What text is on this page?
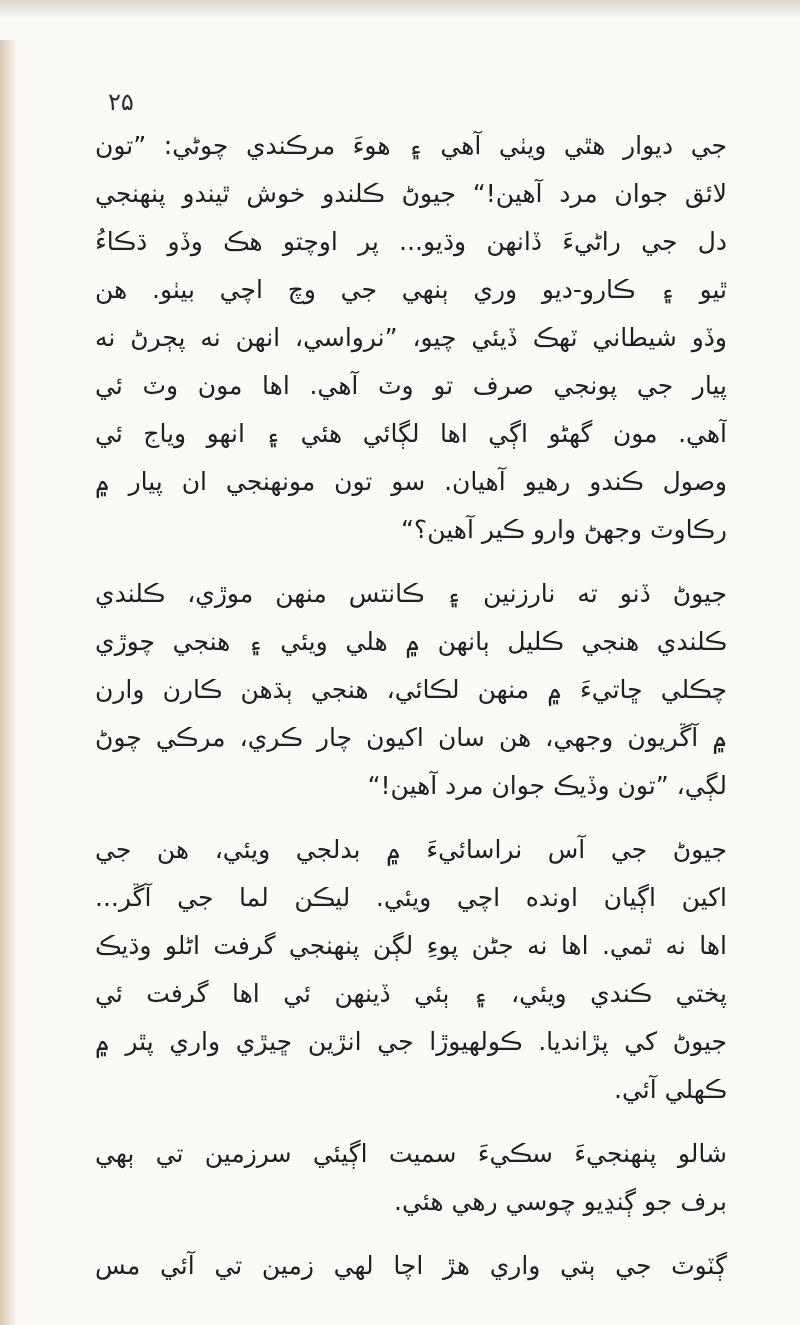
۲۵
جي ديوار هٿي ويٺي آهي ۽ هوءَ مرڪندي چوڻي: ”تون
لائق جوان مرد آهين!“ جيوڻ ڪلندو خوش ٿيندو پنهنجي
دل جي راڻيءَ ڏانهن وڌيو... پر اوچتو هڪ وڏو ڌڪاءُ
ٿيو ۽ ڪارو-ديو وري ٻنهي جي وچ اچي بيٺو. هن
وڏو شيطاني ٽهڪ ڏيئي چيو، ”نرواسي، انهن نه پڄرڻ نه
پيار جي پونجي صرف تو وٽ آهي. اها مون وٽ ئي
آهي. مون گهڻو اڳي اها لڳائي هئي ۽ انهو وياج ئي
وصول ڪندو رهيو آهيان. سو تون مونهنجي ان پيار ۾
رڪاوٽ وجهڻ وارو ڪير آهين؟“
جيوڻ ڏنو ته نارزنين ۽ ڪانتس منهن موڙي، ڪلندي
ڪلندي هنجي ڪليل ٻانهن ۾ هلي ويئي ۽ هنجي چوڙي
چڪلي ڇاتيءَ ۾ منهن لڪائي، هنجي ٻڌهن ڪارن وارن
۾ آڱريون وجهي، هن سان اکيون چار ڪري، مرڪي چوڻ
لڳي، ”تون وڏيڪ جوان مرد آهين!“
جيوڻ جي آس نراسائيءَ ۾ بدلجي ويئي، هن جي
اکين اڳيان اونده اچي ويئي. ليڪن لما جي آڱر...
اها نه ٿمي. اها نه جڻن پوءِ لڳن پنهنجي گرفت اڻلو وڌيڪ
پختي ڪندي ويئي، ۽ ٻئي ڏينهن ئي اها گرفت ئي
جيوڻ کي پڙانديا. ڪولهيوڙا جي انڙين ڇيڙي واري پٿر ۾
ڪهلي آئي.
شالو پنهنجيءَ سڪيءَ سميت اڳيئي سرزمين تي ٻهي
برف جو ڳنڍيو چوسي رهي هئي.
ڳٽوٽ جي ٻتي واري هڙ اچا لهي زمين تي آئي مس
